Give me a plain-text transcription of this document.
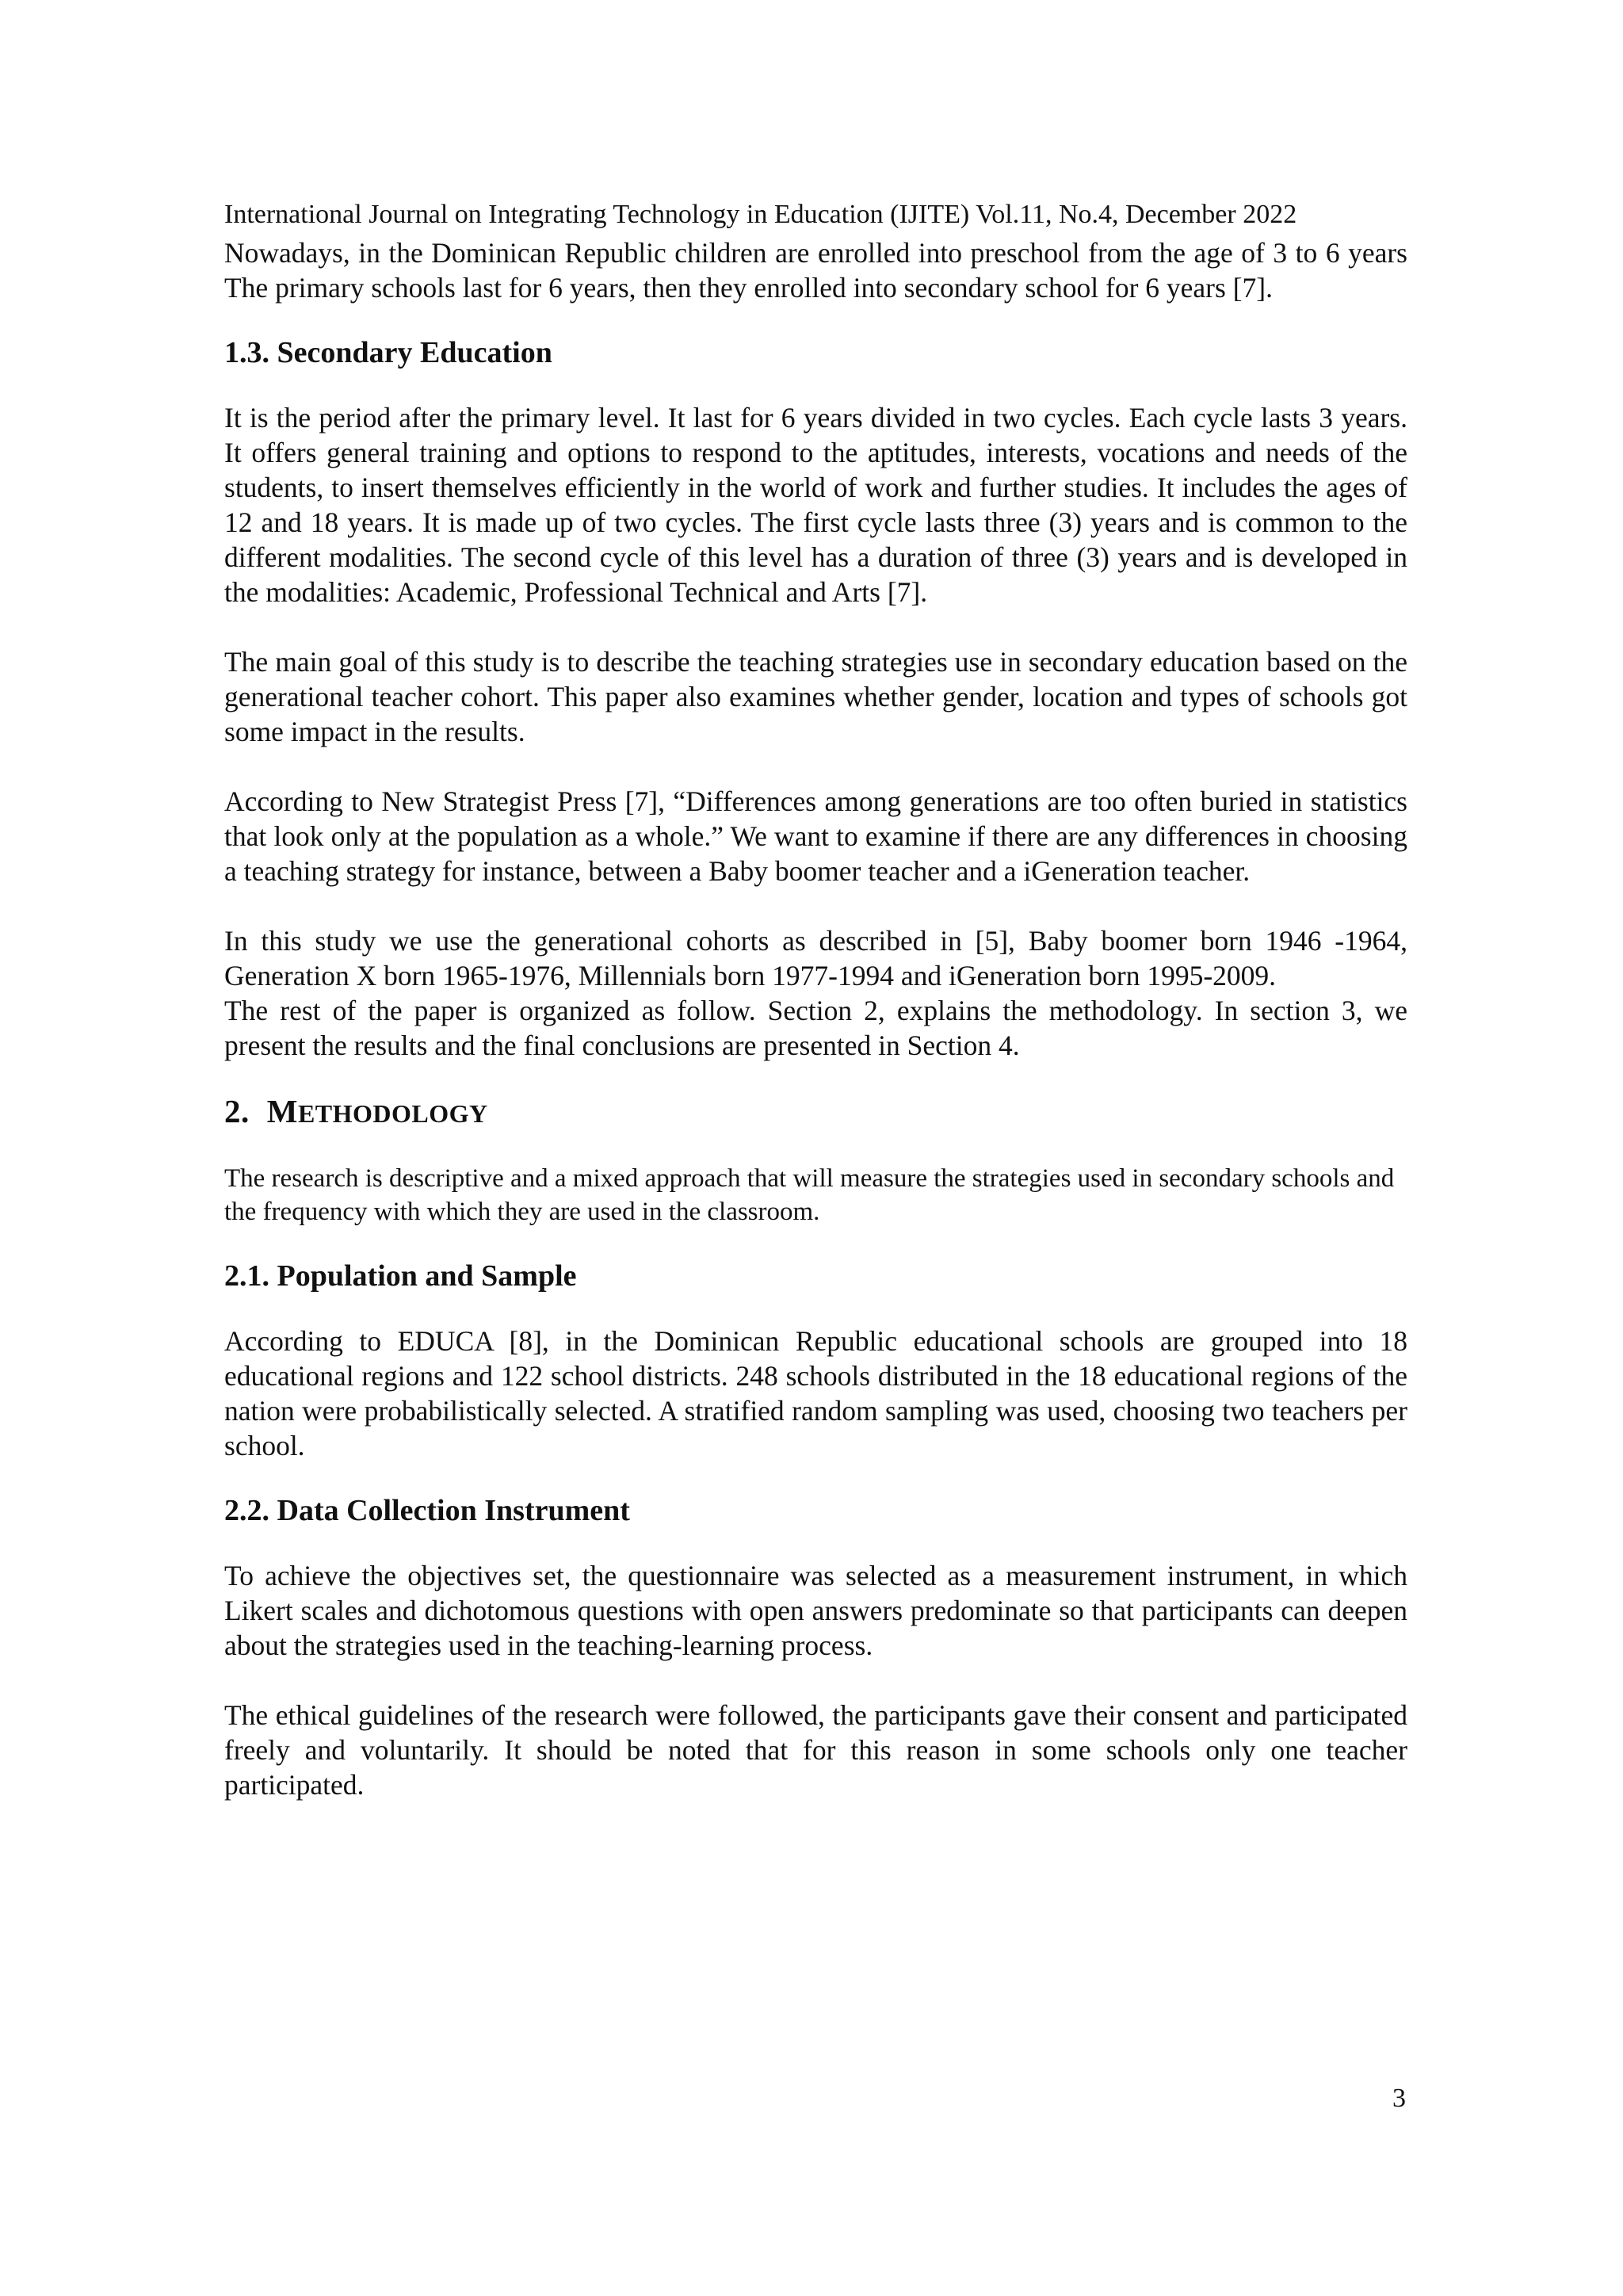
International Journal on Integrating Technology in Education (IJITE) Vol.11, No.4, December 2022

Nowadays, in the Dominican Republic children are enrolled into preschool from the age of 3 to 6 years The primary schools last for 6 years, then they enrolled into secondary school for 6 years [7].

1.3. Secondary Education

It is the period after the primary level. It last for 6 years divided in two cycles. Each cycle lasts 3 years. It offers general training and options to respond to the aptitudes, interests, vocations and needs of the students, to insert themselves efficiently in the world of work and further studies. It includes the ages of 12 and 18 years. It is made up of two cycles. The first cycle lasts three (3) years and is common to the different modalities. The second cycle of this level has a duration of three (3) years and is developed in the modalities: Academic, Professional Technical and Arts [7].

The main goal of this study is to describe the teaching strategies use in secondary education based on the generational teacher cohort. This paper also examines whether gender, location and types of schools got some impact in the results.

According to New Strategist Press [7], “Differences among generations are too often buried in statistics that look only at the population as a whole.” We want to examine if there are any differences in choosing a teaching strategy for instance, between a Baby boomer teacher and a iGeneration teacher.

In this study we use the generational cohorts as described in [5], Baby boomer born 1946 -1964, Generation X born 1965-1976, Millennials born 1977-1994 and iGeneration born 1995-2009.

The rest of the paper is organized as follow. Section 2, explains the methodology. In section 3, we present the results and the final conclusions are presented in Section 4.

2. METHODOLOGY

The research is descriptive and a mixed approach that will measure the strategies used in secondary schools and the frequency with which they are used in the classroom.

2.1. Population and Sample

According to EDUCA [8], in the Dominican Republic educational schools are grouped into 18 educational regions and 122 school districts. 248 schools distributed in the 18 educational regions of the nation were probabilistically selected. A stratified random sampling was used, choosing two teachers per school.

2.2. Data Collection Instrument

To achieve the objectives set, the questionnaire was selected as a measurement instrument, in which Likert scales and dichotomous questions with open answers predominate so that participants can deepen about the strategies used in the teaching-learning process.

The ethical guidelines of the research were followed, the participants gave their consent and participated freely and voluntarily. It should be noted that for this reason in some schools only one teacher participated.

3
